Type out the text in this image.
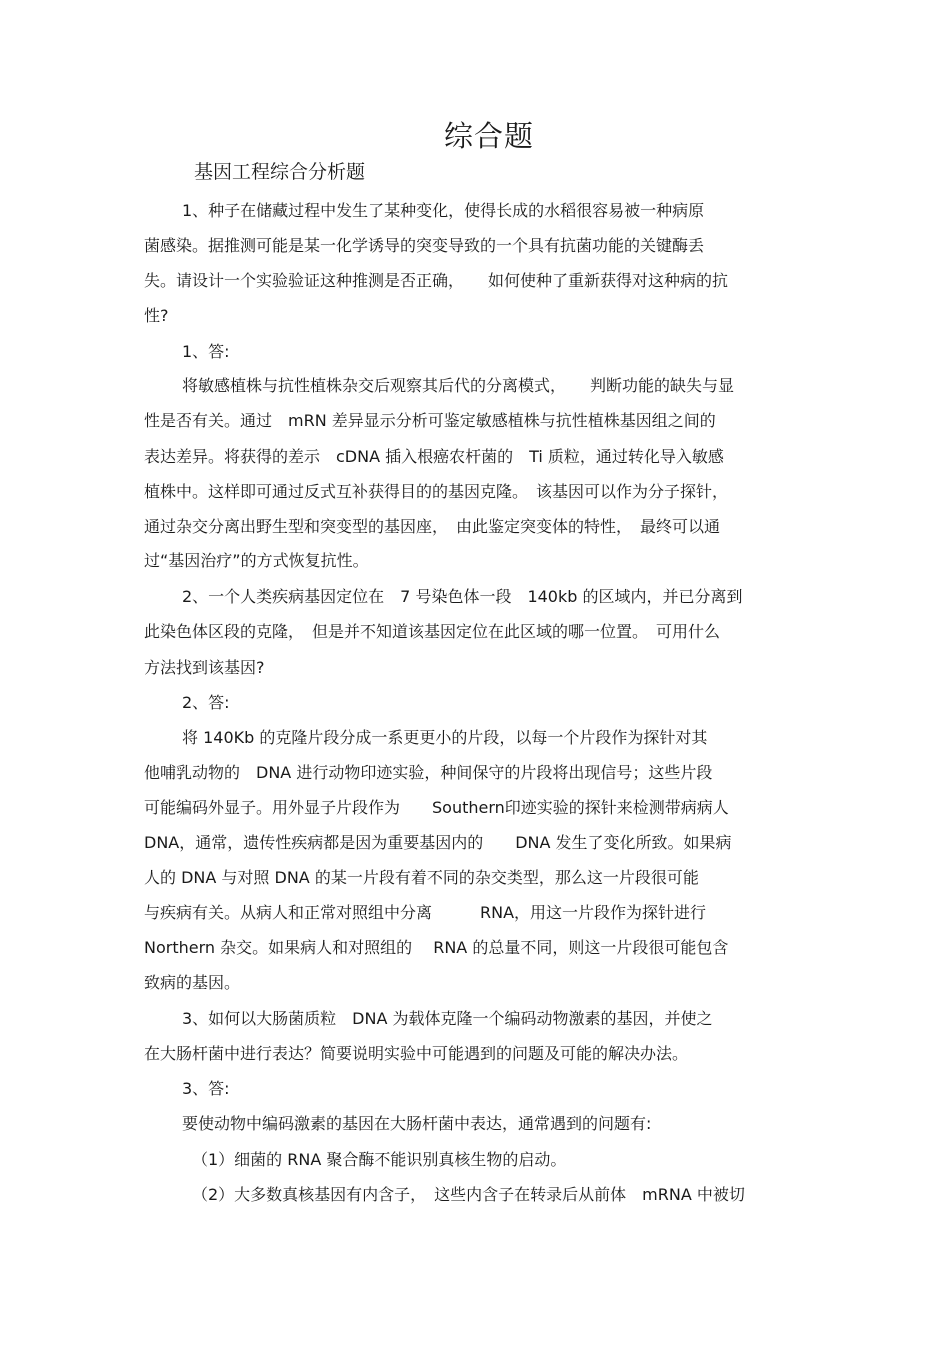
综合题
基因工程综合分析题
1、种子在储藏过程中发生了某种变化，使得长成的水稻很容易被一种病原
菌感染。据推测可能是某一化学诱导的突变导致的一个具有抗菌功能的关键酶丢
失。请设计一个实验验证这种推测是否正确，　　如何使种了重新获得对这种病的抗
性?
1、答:
将敏感植株与抗性植株杂交后观察其后代的分离模式，　　判断功能的缺失与显
性是否有关。通过　mRN 差异显示分析可鉴定敏感植株与抗性植株基因组之间的
表达差异。将获得的差示　cDNA 插入根癌农杆菌的　Ti 质粒，通过转化导入敏感
植株中。这样即可通过反式互补获得目的的基因克隆。　该基因可以作为分子探针，
通过杂交分离出野生型和突变型的基因座，　由此鉴定突变体的特性，　最终可以通
过“基因治疗”的方式恢复抗性。
2、一个人类疾病基因定位在　7 号染色体一段　140kb 的区域内，并已分离到
此染色体区段的克隆，　但是并不知道该基因定位在此区域的哪一位置。　可用什么
方法找到该基因?
2、答:
将 140Kb 的克隆片段分成一系更更小的片段，以每一个片段作为探针对其
他哺乳动物的　DNA 进行动物印迹实验，种间保守的片段将出现信号；这些片段
可能编码外显子。用外显子片段作为　　Southern印迹实验的探针来检测带病病人
DNA，通常，遗传性疾病都是因为重要基因内的　　DNA 发生了变化所致。如果病
人的 DNA 与对照 DNA 的某一片段有着不同的杂交类型，那么这一片段很可能
与疾病有关。从病人和正常对照组中分离　　　RNA，用这一片段作为探针进行
Northern 杂交。如果病人和对照组的　 RNA 的总量不同，则这一片段很可能包含
致病的基因。
3、如何以大肠菌质粒　DNA 为载体克隆一个编码动物激素的基因，并使之
在大肠杆菌中进行表达？简要说明实验中可能遇到的问题及可能的解决办法。
3、答:
要使动物中编码激素的基因在大肠杆菌中表达，通常遇到的问题有:
（1）细菌的 RNA 聚合酶不能识别真核生物的启动。
（2）大多数真核基因有内含子，　这些内含子在转录后从前体　mRNA 中被切
